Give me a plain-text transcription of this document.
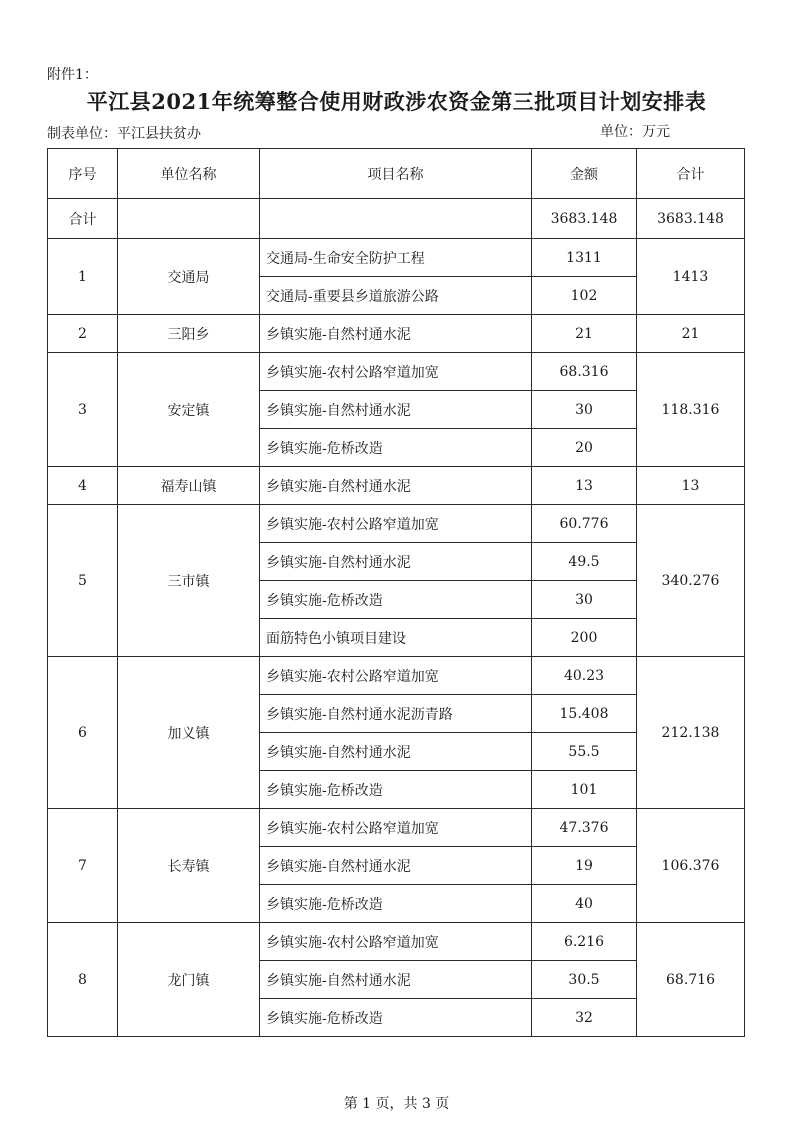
附件1：
平江县2021年统筹整合使用财政涉农资金第三批项目计划安排表
制表单位：平江县扶贫办	单位：万元
序号	单位名称	项目名称	金额	合计
合计			3683.148	3683.148
1	交通局	交通局-生命安全防护工程	1311	1413
		交通局-重要县乡道旅游公路	102	
2	三阳乡	乡镇实施-自然村通水泥	21	21
3	安定镇	乡镇实施-农村公路窄道加宽	68.316	118.316
		乡镇实施-自然村通水泥	30	
		乡镇实施-危桥改造	20	
4	福寿山镇	乡镇实施-自然村通水泥	13	13
5	三市镇	乡镇实施-农村公路窄道加宽	60.776	340.276
		乡镇实施-自然村通水泥	49.5	
		乡镇实施-危桥改造	30	
		面筋特色小镇项目建设	200	
6	加义镇	乡镇实施-农村公路窄道加宽	40.23	212.138
		乡镇实施-自然村通水泥沥青路	15.408	
		乡镇实施-自然村通水泥	55.5	
		乡镇实施-危桥改造	101	
7	长寿镇	乡镇实施-农村公路窄道加宽	47.376	106.376
		乡镇实施-自然村通水泥	19	
		乡镇实施-危桥改造	40	
8	龙门镇	乡镇实施-农村公路窄道加宽	6.216	68.716
		乡镇实施-自然村通水泥	30.5	
		乡镇实施-危桥改造	32	
第 1 页，共 3 页
